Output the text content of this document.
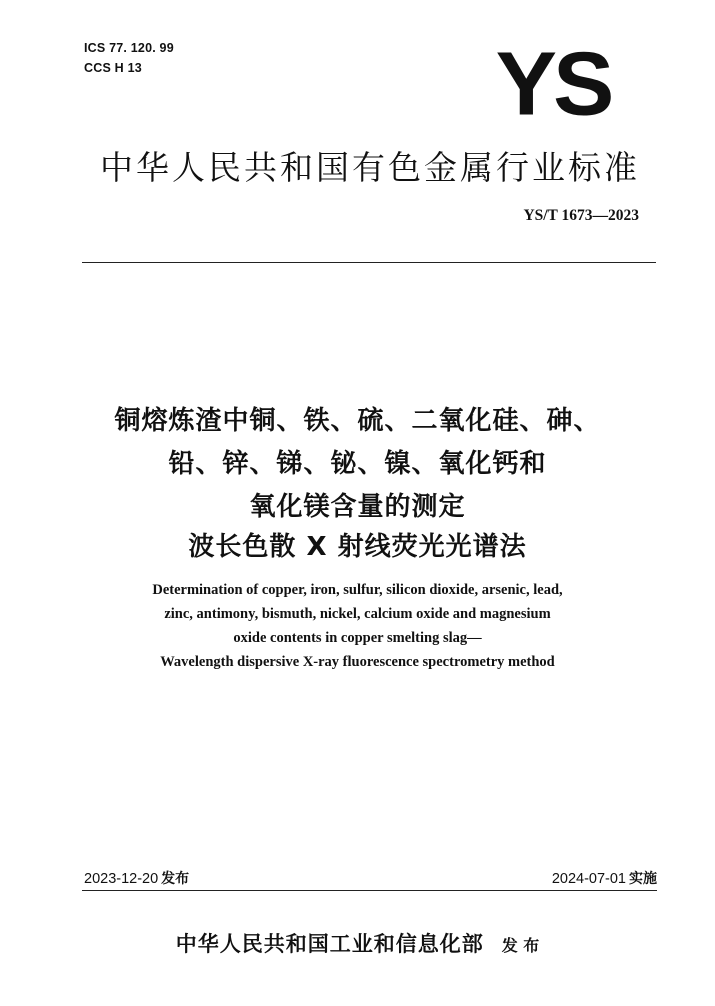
ICS 77. 120. 99
CCS H 13	YS
中华人民共和国有色金属行业标准
YS/T 1673—2023
铜熔炼渣中铜、铁、硫、二氧化硅、砷、
铅、锌、锑、铋、镍、氧化钙和
氧化镁含量的测定
波长色散 X 射线荧光光谱法
Determination of copper, iron, sulfur, silicon dioxide, arsenic, lead,
zinc, antimony, bismuth, nickel, calcium oxide and magnesium
oxide contents in copper smelting slag—
Wavelength dispersive X-ray fluorescence spectrometry method
2023-12-20 发布	2024-07-01 实施
中华人民共和国工业和信息化部 发 布
